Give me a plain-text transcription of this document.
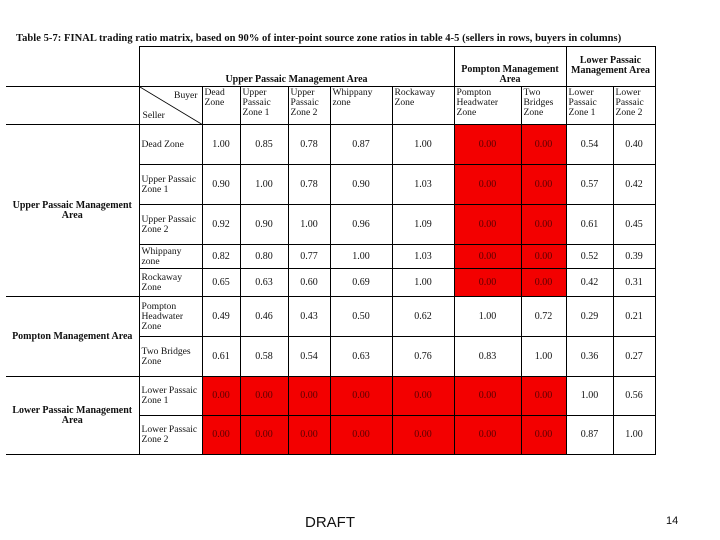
Table 5-7: FINAL trading ratio matrix, based on 90% of inter-point source zone ratios in table 4-5 (sellers in rows, buyers in columns)
	Upper Passaic Management Area						Pompton Management Area		Lower Passaic Management Area	

	Buyer
Seller	Dead Zone	Upper Passaic Zone 1	Upper Passaic Zone 2	Whippany zone	Rockaway Zone	Pompton Headwater Zone	Two Bridges Zone	Lower Passaic Zone 1	Lower Passaic Zone 2
Upper Passaic Management Area	Dead Zone	1.00	0.85	0.78	0.87	1.00	0.00	0.00	0.54	0.40
	Upper Passaic Zone 1	0.90	1.00	0.78	0.90	1.03	0.00	0.00	0.57	0.42
	Upper Passaic Zone 2	0.92	0.90	1.00	0.96	1.09	0.00	0.00	0.61	0.45
	Whippany zone	0.82	0.80	0.77	1.00	1.03	0.00	0.00	0.52	0.39
	Rockaway Zone	0.65	0.63	0.60	0.69	1.00	0.00	0.00	0.42	0.31
Pompton Management Area	Pompton Headwater Zone	0.49	0.46	0.43	0.50	0.62	1.00	0.72	0.29	0.21
	Two Bridges Zone	0.61	0.58	0.54	0.63	0.76	0.83	1.00	0.36	0.27
Lower Passaic Management Area	Lower Passaic Zone 1	0.00	0.00	0.00	0.00	0.00	0.00	0.00	1.00	0.56
	Lower Passaic Zone 2	0.00	0.00	0.00	0.00	0.00	0.00	0.00	0.87	1.00
DRAFT	14
